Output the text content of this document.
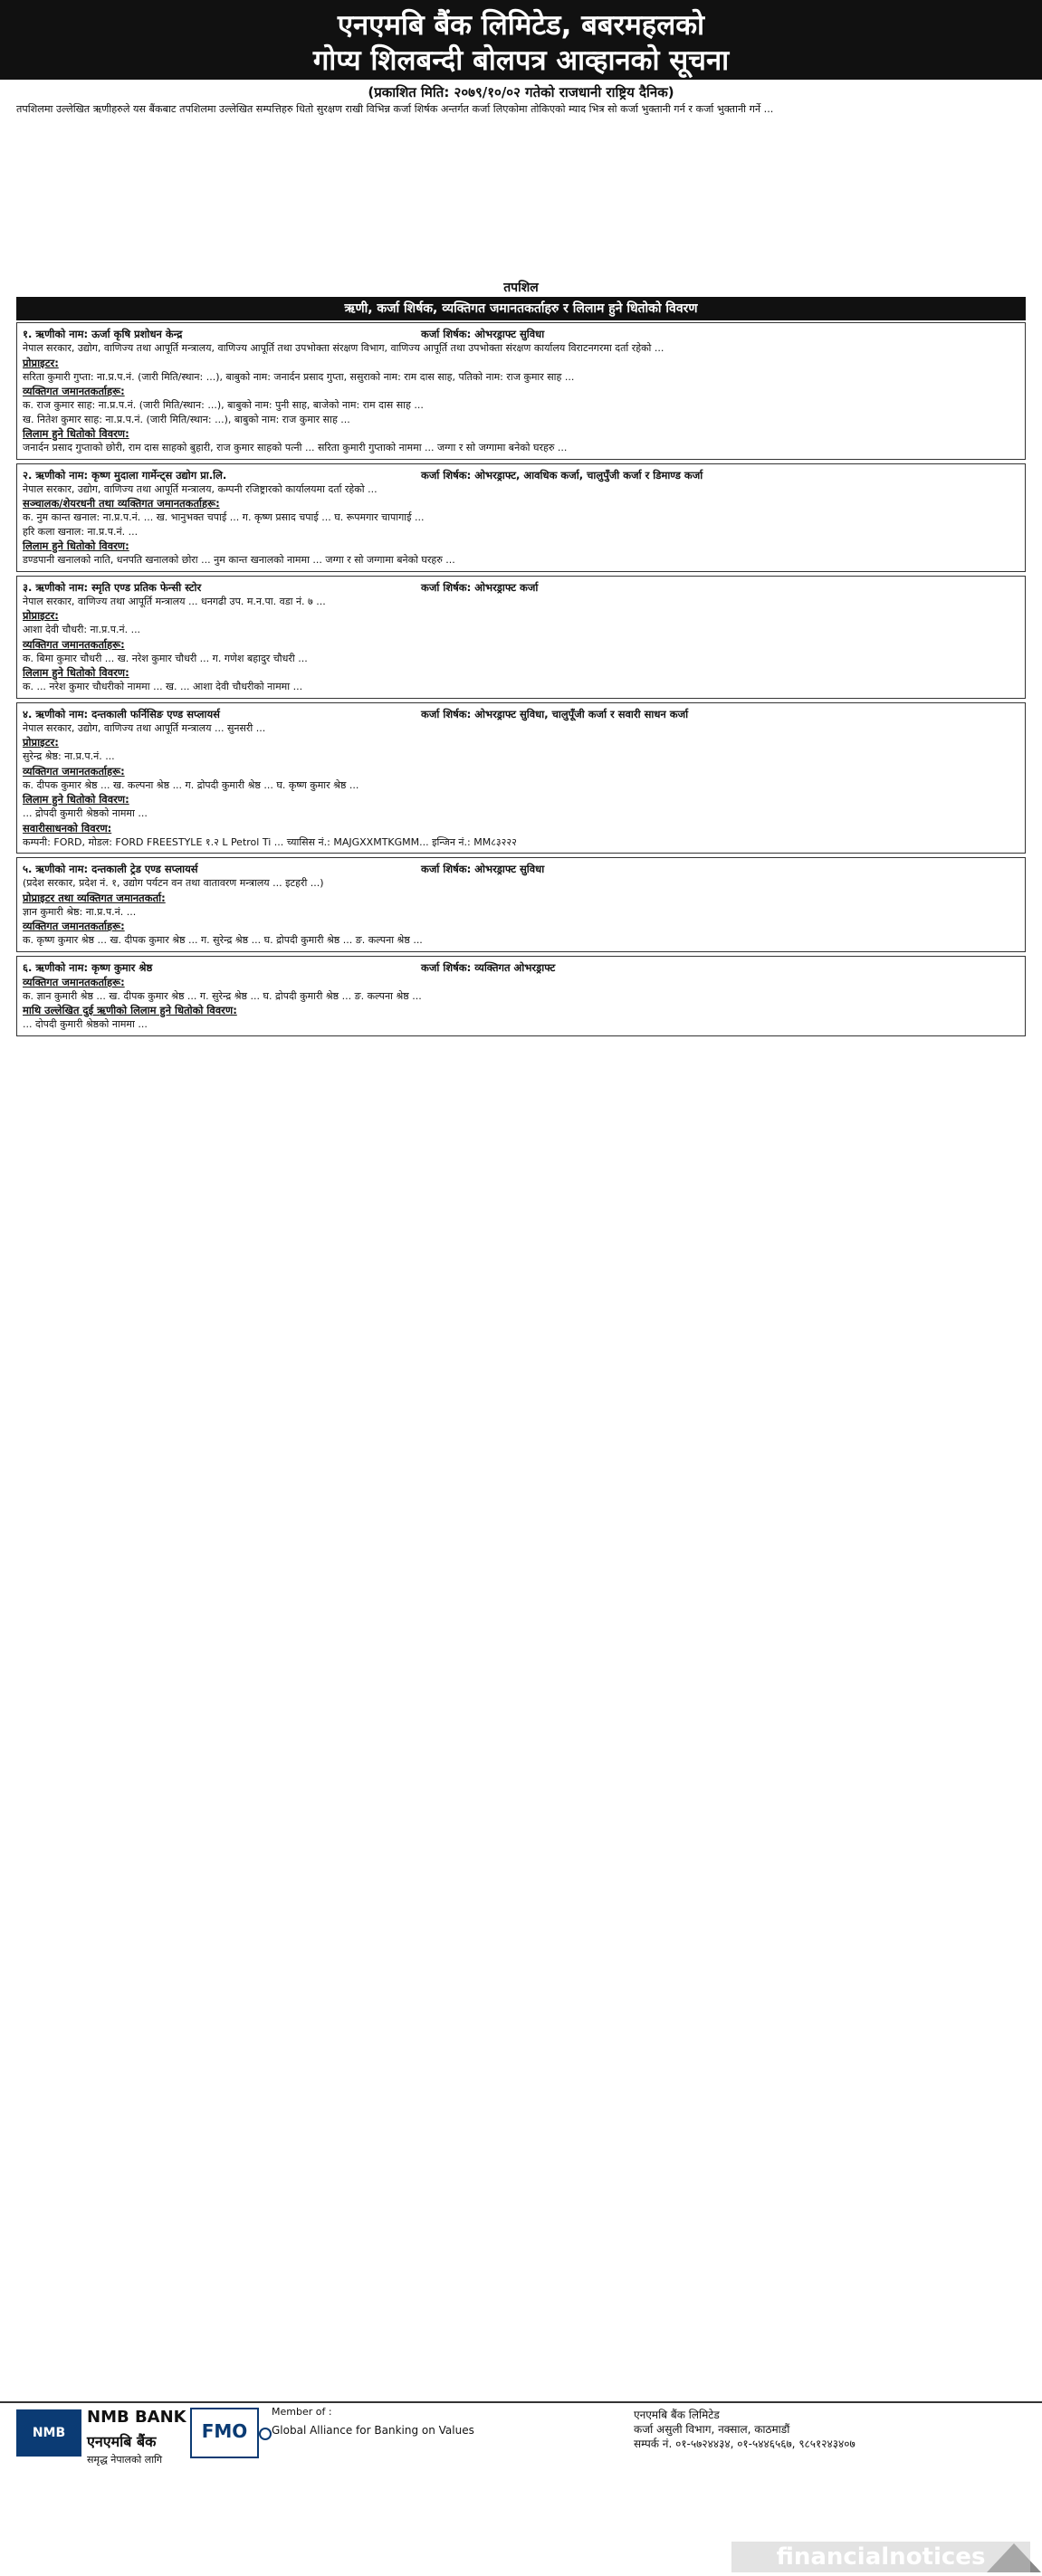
एनएमबि बैंक लिमिटेड, बबरमहलको
गोप्य शिलबन्दी बोलपत्र आव्हानको सूचना
(प्रकाशित मिति: २०७९/१०/०२ गतेको राजधानी राष्ट्रिय दैनिक)
तपशिलमा उल्लेखित ऋणीहरुले यस बैंकबाट तपशिलमा उल्लेखित सम्पत्तिहरु धितो सुरक्षण राखी विभिन्न कर्जा शिर्षक अन्तर्गत कर्जा लिएकोमा तोकिएको म्याद भित्र सो कर्जा भुक्तानी गर्न र कर्जा भुक्तानी गर्ने ...
तपशिल
ऋणी, कर्जा शिर्षक, व्यक्तिगत जमानतकर्ताहरु र लिलाम हुने धितोको विवरण
१. ऋणीको नाम: ऊर्जा कृषि प्रशोधन केन्द्र	कर्जा शिर्षक: ओभरड्राफ्ट सुविधा
नेपाल सरकार, उद्योग, वाणिज्य तथा आपूर्ति मन्त्रालय, वाणिज्य आपूर्ति तथा उपभोक्ता संरक्षण विभाग, वाणिज्य आपूर्ति तथा उपभोक्ता संरक्षण कार्यालय विराटनगरमा दर्ता रहेको ...
प्रोप्राइटर:
सरिता कुमारी गुप्ता: ना.प्र.प.नं. (जारी मिति/स्थान: ...), बाबुको नाम: जनार्दन प्रसाद गुप्ता, ससुराको नाम: राम दास साह, पतिको नाम: राज कुमार साह ...
व्यक्तिगत जमानतकर्ताहरू:
क. राज कुमार साह: ना.प्र.प.नं. (जारी मिति/स्थान: ...), बाबुको नाम: पुनी साह, बाजेको नाम: राम दास साह ...
ख. नितेश कुमार साह: ना.प्र.प.नं. (जारी मिति/स्थान: ...), बाबुको नाम: राज कुमार साह ...
लिलाम हुने धितोको विवरण:
जनार्दन प्रसाद गुप्ताको छोरी, राम दास साहको बुहारी, राज कुमार साहको पत्नी ... सरिता कुमारी गुप्ताको नाममा ... जग्गा र सो जग्गामा बनेको घरहरु ...
२. ऋणीको नाम: कृष्ण मुदाला गार्मेन्ट्स उद्योग प्रा.लि.	कर्जा शिर्षक: ओभरड्राफ्ट, आवधिक कर्जा, चालुपुँजी कर्जा र डिमाण्ड कर्जा
नेपाल सरकार, उद्योग, वाणिज्य तथा आपूर्ति मन्त्रालय, कम्पनी रजिष्ट्रारको कार्यालयमा दर्ता रहेको ...
सञ्चालक/शेयरधनी तथा व्यक्तिगत जमानतकर्ताहरू:
क. नुम कान्त खनाल: ना.प्र.प.नं. ... ख. भानुभक्त चपाई ... ग. कृष्ण प्रसाद चपाई ... घ. रूपमगार चापागाई ...
हरि कला खनाल: ना.प्र.प.नं. ...
लिलाम हुने धितोको विवरण:
डण्डपानी खनालको नाति, धनपति खनालको छोरा ... नुम कान्त खनालको नाममा ... जग्गा र सो जग्गामा बनेको घरहरु ...
३. ऋणीको नाम: स्मृति एण्ड प्रतिक फेन्सी स्टोर	कर्जा शिर्षक: ओभरड्राफ्ट कर्जा
नेपाल सरकार, वाणिज्य तथा आपूर्ति मन्त्रालय ... धनगढी उप. म.न.पा. वडा नं. ७ ...
प्रोप्राइटर:
आशा देवी चौधरी: ना.प्र.प.नं. ...
व्यक्तिगत जमानतकर्ताहरू:
क. बिमा कुमार चौधरी ... ख. नरेश कुमार चौधरी ... ग. गणेश बहादुर चौधरी ...
लिलाम हुने धितोको विवरण:
क. ... नरेश कुमार चौधरीको नाममा ... ख. ... आशा देवी चौधरीको नाममा ...
४. ऋणीको नाम: दन्तकाली फर्निसिङ एण्ड सप्लायर्स	कर्जा शिर्षक: ओभरड्राफ्ट सुविधा, चालुपूँजी कर्जा र सवारी साधन कर्जा
नेपाल सरकार, उद्योग, वाणिज्य तथा आपूर्ति मन्त्रालय ... सुनसरी ...
प्रोप्राइटर:
सुरेन्द्र श्रेष्ठ: ना.प्र.प.नं. ...
व्यक्तिगत जमानतकर्ताहरू:
क. दीपक कुमार श्रेष्ठ ... ख. कल्पना श्रेष्ठ ... ग. द्रोपदी कुमारी श्रेष्ठ ... घ. कृष्ण कुमार श्रेष्ठ ...
लिलाम हुने धितोको विवरण:
... द्रोपदी कुमारी श्रेष्ठको नाममा ...
सवारीसाधनको विवरण:
कम्पनी: FORD, मोडल: FORD FREESTYLE १.२ L Petrol Ti ... च्यासिस नं.: MAJGXXMTKGMM... इन्जिन नं.: MM८३२२२
५. ऋणीको नाम: दन्तकाली ट्रेड एण्ड सप्लायर्स	कर्जा शिर्षक: ओभरड्राफ्ट सुविधा
(प्रदेश सरकार, प्रदेश नं. १, उद्योग पर्यटन वन तथा वातावरण मन्त्रालय ... इटहरी ...)
प्रोप्राइटर तथा व्यक्तिगत जमानतकर्ता:
ज्ञान कुमारी श्रेष्ठ: ना.प्र.प.नं. ...
व्यक्तिगत जमानतकर्ताहरू:
क. कृष्ण कुमार श्रेष्ठ ... ख. दीपक कुमार श्रेष्ठ ... ग. सुरेन्द्र श्रेष्ठ ... घ. द्रोपदी कुमारी श्रेष्ठ ... ङ. कल्पना श्रेष्ठ ...
६. ऋणीको नाम: कृष्ण कुमार श्रेष्ठ	कर्जा शिर्षक: व्यक्तिगत ओभरड्राफ्ट
व्यक्तिगत जमानतकर्ताहरू:
क. ज्ञान कुमारी श्रेष्ठ ... ख. दीपक कुमार श्रेष्ठ ... ग. सुरेन्द्र श्रेष्ठ ... घ. द्रोपदी कुमारी श्रेष्ठ ... ङ. कल्पना श्रेष्ठ ...
माथि उल्लेखित दुई ऋणीको लिलाम हुने धितोको विवरण:
... दोपदी कुमारी श्रेष्ठको नाममा ...
NMB
NMB BANK
एनएमबि बैंक
समृद्ध नेपालको लागि
FMO
Member of :
Global Alliance for Banking on Values
एनएमबि बैंक लिमिटेड
कर्जा असुली विभाग, नक्साल, काठमाडौं
सम्पर्क नं. ०१-५७२४४३४, ०१-५४४६५६७, ९८५१२४३४०७
financialnotices
